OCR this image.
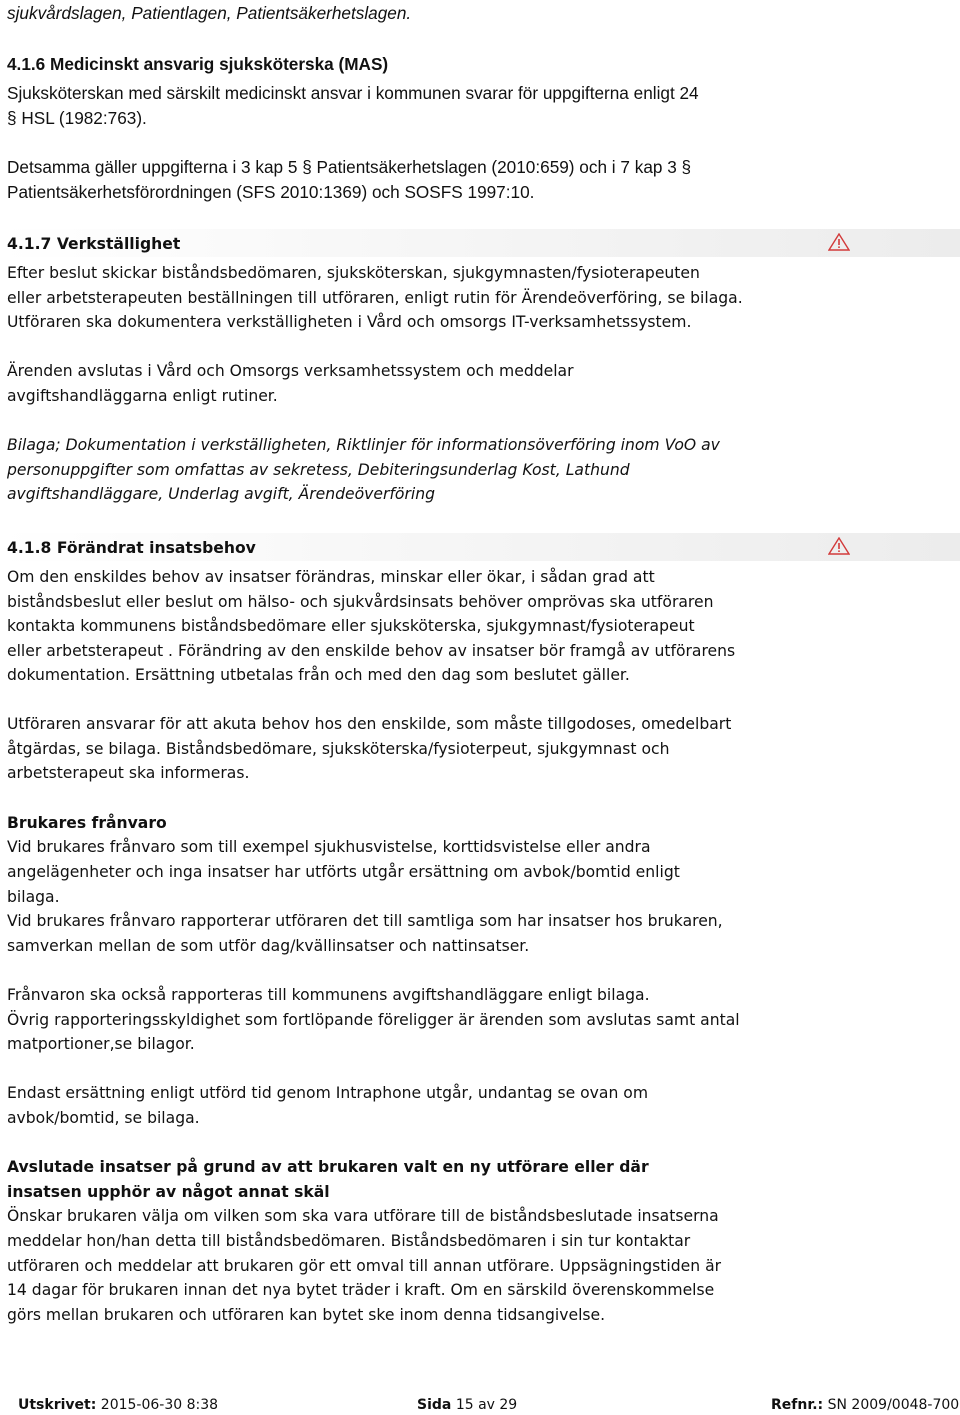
sjukvårdslagen, Patientlagen, Patientsäkerhetslagen.
4.1.6 Medicinskt ansvarig sjuksköterska (MAS)
Sjuksköterskan med särskilt medicinskt ansvar i kommunen svarar för uppgifterna enligt 24
§ HSL (1982:763).
Detsamma gäller uppgifterna i 3 kap 5 § Patientsäkerhetslagen (2010:659) och i 7 kap 3 §
Patientsäkerhetsförordningen (SFS 2010:1369) och SOSFS 1997:10.
4.1.7 Verkställighet
Efter beslut skickar biståndsbedömaren, sjuksköterskan, sjukgymnasten/fysioterapeuten
eller arbetsterapeuten beställningen till utföraren, enligt rutin för Ärendeöverföring, se bilaga.
Utföraren ska dokumentera verkställigheten i Vård och omsorgs IT-verksamhetssystem.
Ärenden avslutas i Vård och Omsorgs verksamhetssystem och meddelar
avgiftshandläggarna enligt rutiner.
Bilaga; Dokumentation i verkställigheten, Riktlinjer för informationsöverföring inom VoO av
personuppgifter som omfattas av sekretess, Debiteringsunderlag Kost, Lathund
avgiftshandläggare, Underlag avgift, Ärendeöverföring
4.1.8 Förändrat insatsbehov
Om den enskildes behov av insatser förändras, minskar eller ökar, i sådan grad att
biståndsbeslut eller beslut om hälso- och sjukvårdsinsats behöver omprövas ska utföraren
kontakta kommunens biståndsbedömare eller sjuksköterska, sjukgymnast/fysioterapeut
eller arbetsterapeut . Förändring av den enskilde behov av insatser bör framgå av utförarens
dokumentation. Ersättning utbetalas från och med den dag som beslutet gäller.
Utföraren ansvarar för att akuta behov hos den enskilde, som måste tillgodoses, omedelbart
åtgärdas, se bilaga. Biståndsbedömare, sjuksköterska/fysioterpeut, sjukgymnast och
arbetsterapeut ska informeras.
Brukares frånvaro
Vid brukares frånvaro som till exempel sjukhusvistelse, korttidsvistelse eller andra
angelägenheter och inga insatser har utförts utgår ersättning om avbok/bomtid enligt
bilaga.
Vid brukares frånvaro rapporterar utföraren det till samtliga som har insatser hos brukaren,
samverkan mellan de som utför dag/kvällinsatser och nattinsatser.
Frånvaron ska också rapporteras till kommunens avgiftshandläggare enligt bilaga.
Övrig rapporteringsskyldighet som fortlöpande föreligger är ärenden som avslutas samt antal
matportioner,se bilagor.
Endast ersättning enligt utförd tid genom Intraphone utgår, undantag se ovan om
avbok/bomtid, se bilaga.
Avslutade insatser på grund av att brukaren valt en ny utförare eller där
insatsen upphör av något annat skäl
Önskar brukaren välja om vilken som ska vara utförare till de biståndsbeslutade insatserna
meddelar hon/han detta till biståndsbedömaren. Biståndsbedömaren i sin tur kontaktar
utföraren och meddelar att brukaren gör ett omval till annan utförare. Uppsägningstiden är
14 dagar för brukaren innan det nya bytet träder i kraft. Om en särskild överenskommelse
görs mellan brukaren och utföraren kan bytet ske inom denna tidsangivelse.
Utskrivet: 2015-06-30 8:38	Sida 15 av 29	Refnr.: SN 2009/0048-700
